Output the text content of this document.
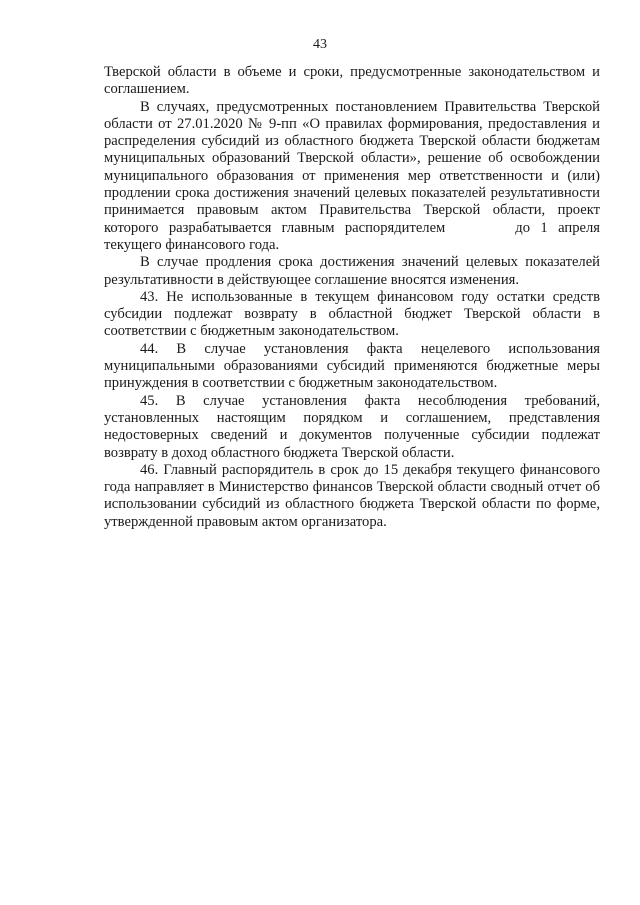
43

Тверской области в объеме и сроки, предусмотренные законодательством и соглашением.

В случаях, предусмотренных постановлением Правительства Тверской области от 27.01.2020 № 9-пп «О правилах формирования, предоставления и распределения субсидий из областного бюджета Тверской области бюджетам муниципальных образований Тверской области», решение об освобождении муниципального образования от применения мер ответственности и (или) продлении срока достижения значений целевых показателей результативности принимается правовым актом Правительства Тверской области, проект которого разрабатывается главным распорядителем	до 1 апреля текущего финансового года.

В случае продления срока достижения значений целевых показателей результативности в действующее соглашение вносятся изменения.

43. Не использованные в текущем финансовом году остатки средств субсидии подлежат возврату в областной бюджет Тверской области в соответствии с бюджетным законодательством.

44. В случае установления факта нецелевого использования муниципальными образованиями субсидий применяются бюджетные меры принуждения в соответствии с бюджетным законодательством.

45. В случае установления факта несоблюдения требований, установленных настоящим порядком и соглашением, представления недостоверных сведений и документов полученные субсидии подлежат возврату в доход областного бюджета Тверской области.

46. Главный распорядитель в срок до 15 декабря текущего финансового года направляет в Министерство финансов Тверской области сводный отчет об использовании субсидий из областного бюджета Тверской области по форме, утвержденной правовым актом организатора.
